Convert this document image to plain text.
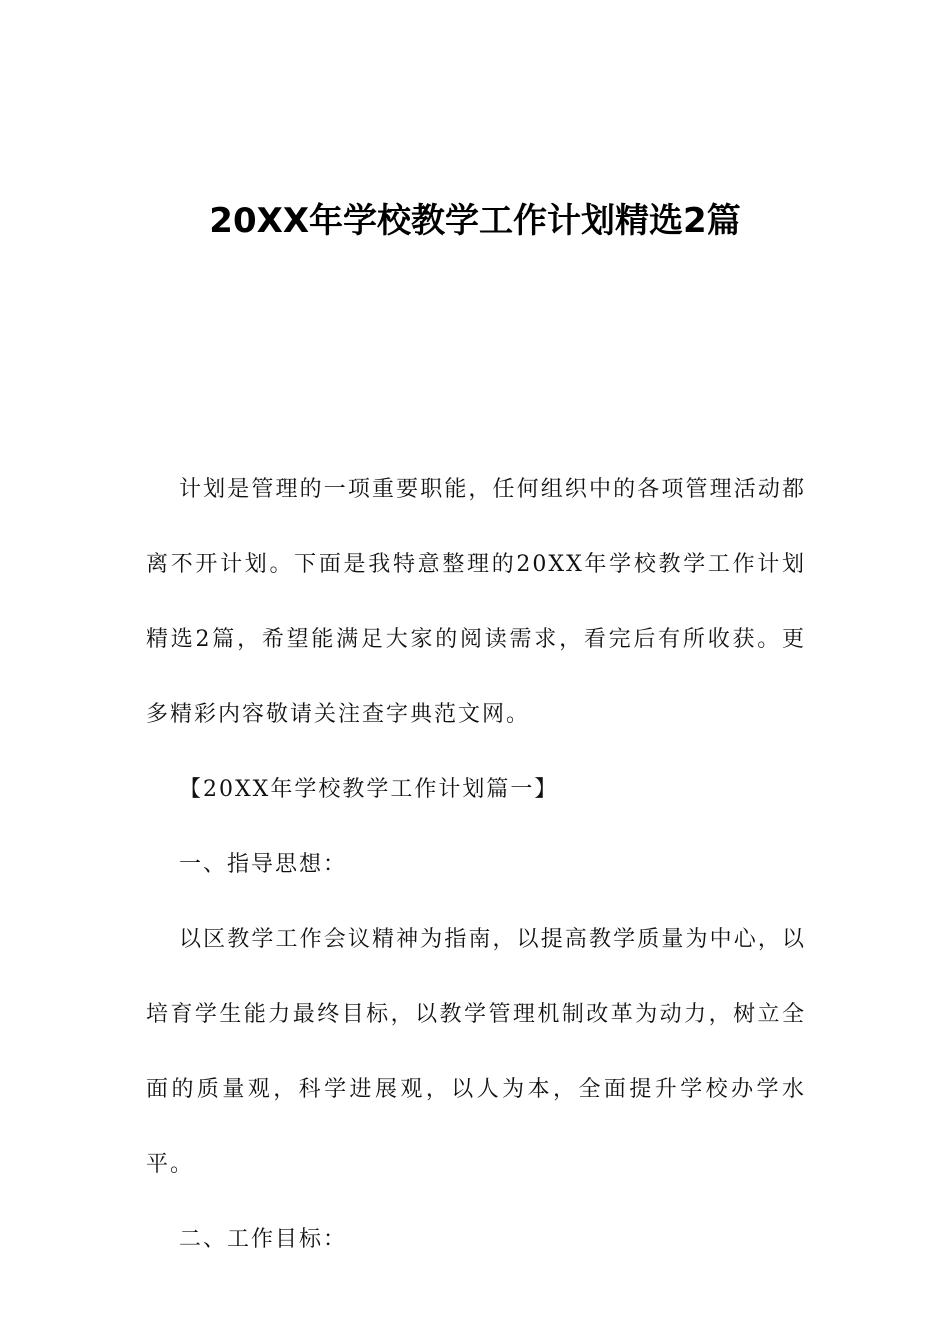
20XX年学校教学工作计划精选2篇

计划是管理的一项重要职能，任何组织中的各项管理活动都离不开计划。下面是我特意整理的20XX年学校教学工作计划精选2篇，希望能满足大家的阅读需求，看完后有所收获。更多精彩内容敬请关注查字典范文网。

【20XX年学校教学工作计划篇一】

一、指导思想：

以区教学工作会议精神为指南，以提高教学质量为中心，以培育学生能力最终目标，以教学管理机制改革为动力，树立全面的质量观，科学进展观，以人为本，全面提升学校办学水平。

二、工作目标：
